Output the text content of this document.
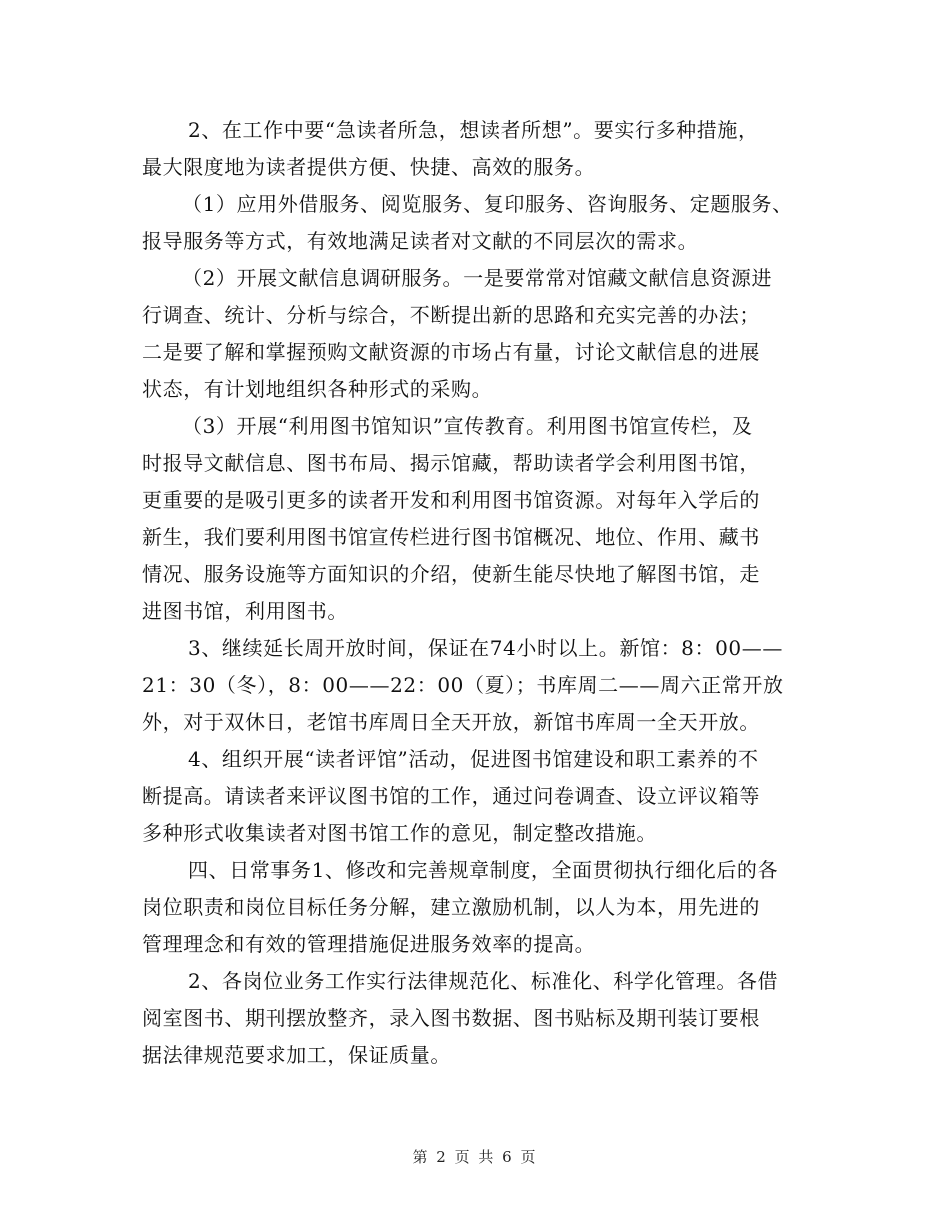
2、在工作中要“急读者所急，想读者所想”。要实行多种措施，
最大限度地为读者提供方便、快捷、高效的服务。
（1）应用外借服务、阅览服务、复印服务、咨询服务、定题服务、
报导服务等方式，有效地满足读者对文献的不同层次的需求。
（2）开展文献信息调研服务。一是要常常对馆藏文献信息资源进
行调查、统计、分析与综合，不断提出新的思路和充实完善的办法；
二是要了解和掌握预购文献资源的市场占有量，讨论文献信息的进展
状态，有计划地组织各种形式的采购。
（3）开展“利用图书馆知识”宣传教育。利用图书馆宣传栏，及
时报导文献信息、图书布局、揭示馆藏，帮助读者学会利用图书馆，
更重要的是吸引更多的读者开发和利用图书馆资源。对每年入学后的
新生，我们要利用图书馆宣传栏进行图书馆概况、地位、作用、藏书
情况、服务设施等方面知识的介绍，使新生能尽快地了解图书馆，走
进图书馆，利用图书。
3、继续延长周开放时间，保证在74小时以上。新馆：8：00——
21：30（冬），8：00——22：00（夏）；书库周二——周六正常开放
外，对于双休日，老馆书库周日全天开放，新馆书库周一全天开放。
4、组织开展“读者评馆”活动，促进图书馆建设和职工素养的不
断提高。请读者来评议图书馆的工作，通过问卷调查、设立评议箱等
多种形式收集读者对图书馆工作的意见，制定整改措施。
四、日常事务1、修改和完善规章制度，全面贯彻执行细化后的各
岗位职责和岗位目标任务分解，建立激励机制，以人为本，用先进的
管理理念和有效的管理措施促进服务效率的提高。
2、各岗位业务工作实行法律规范化、标准化、科学化管理。各借
阅室图书、期刊摆放整齐，录入图书数据、图书贴标及期刊装订要根
据法律规范要求加工，保证质量。
第 2 页 共 6 页
